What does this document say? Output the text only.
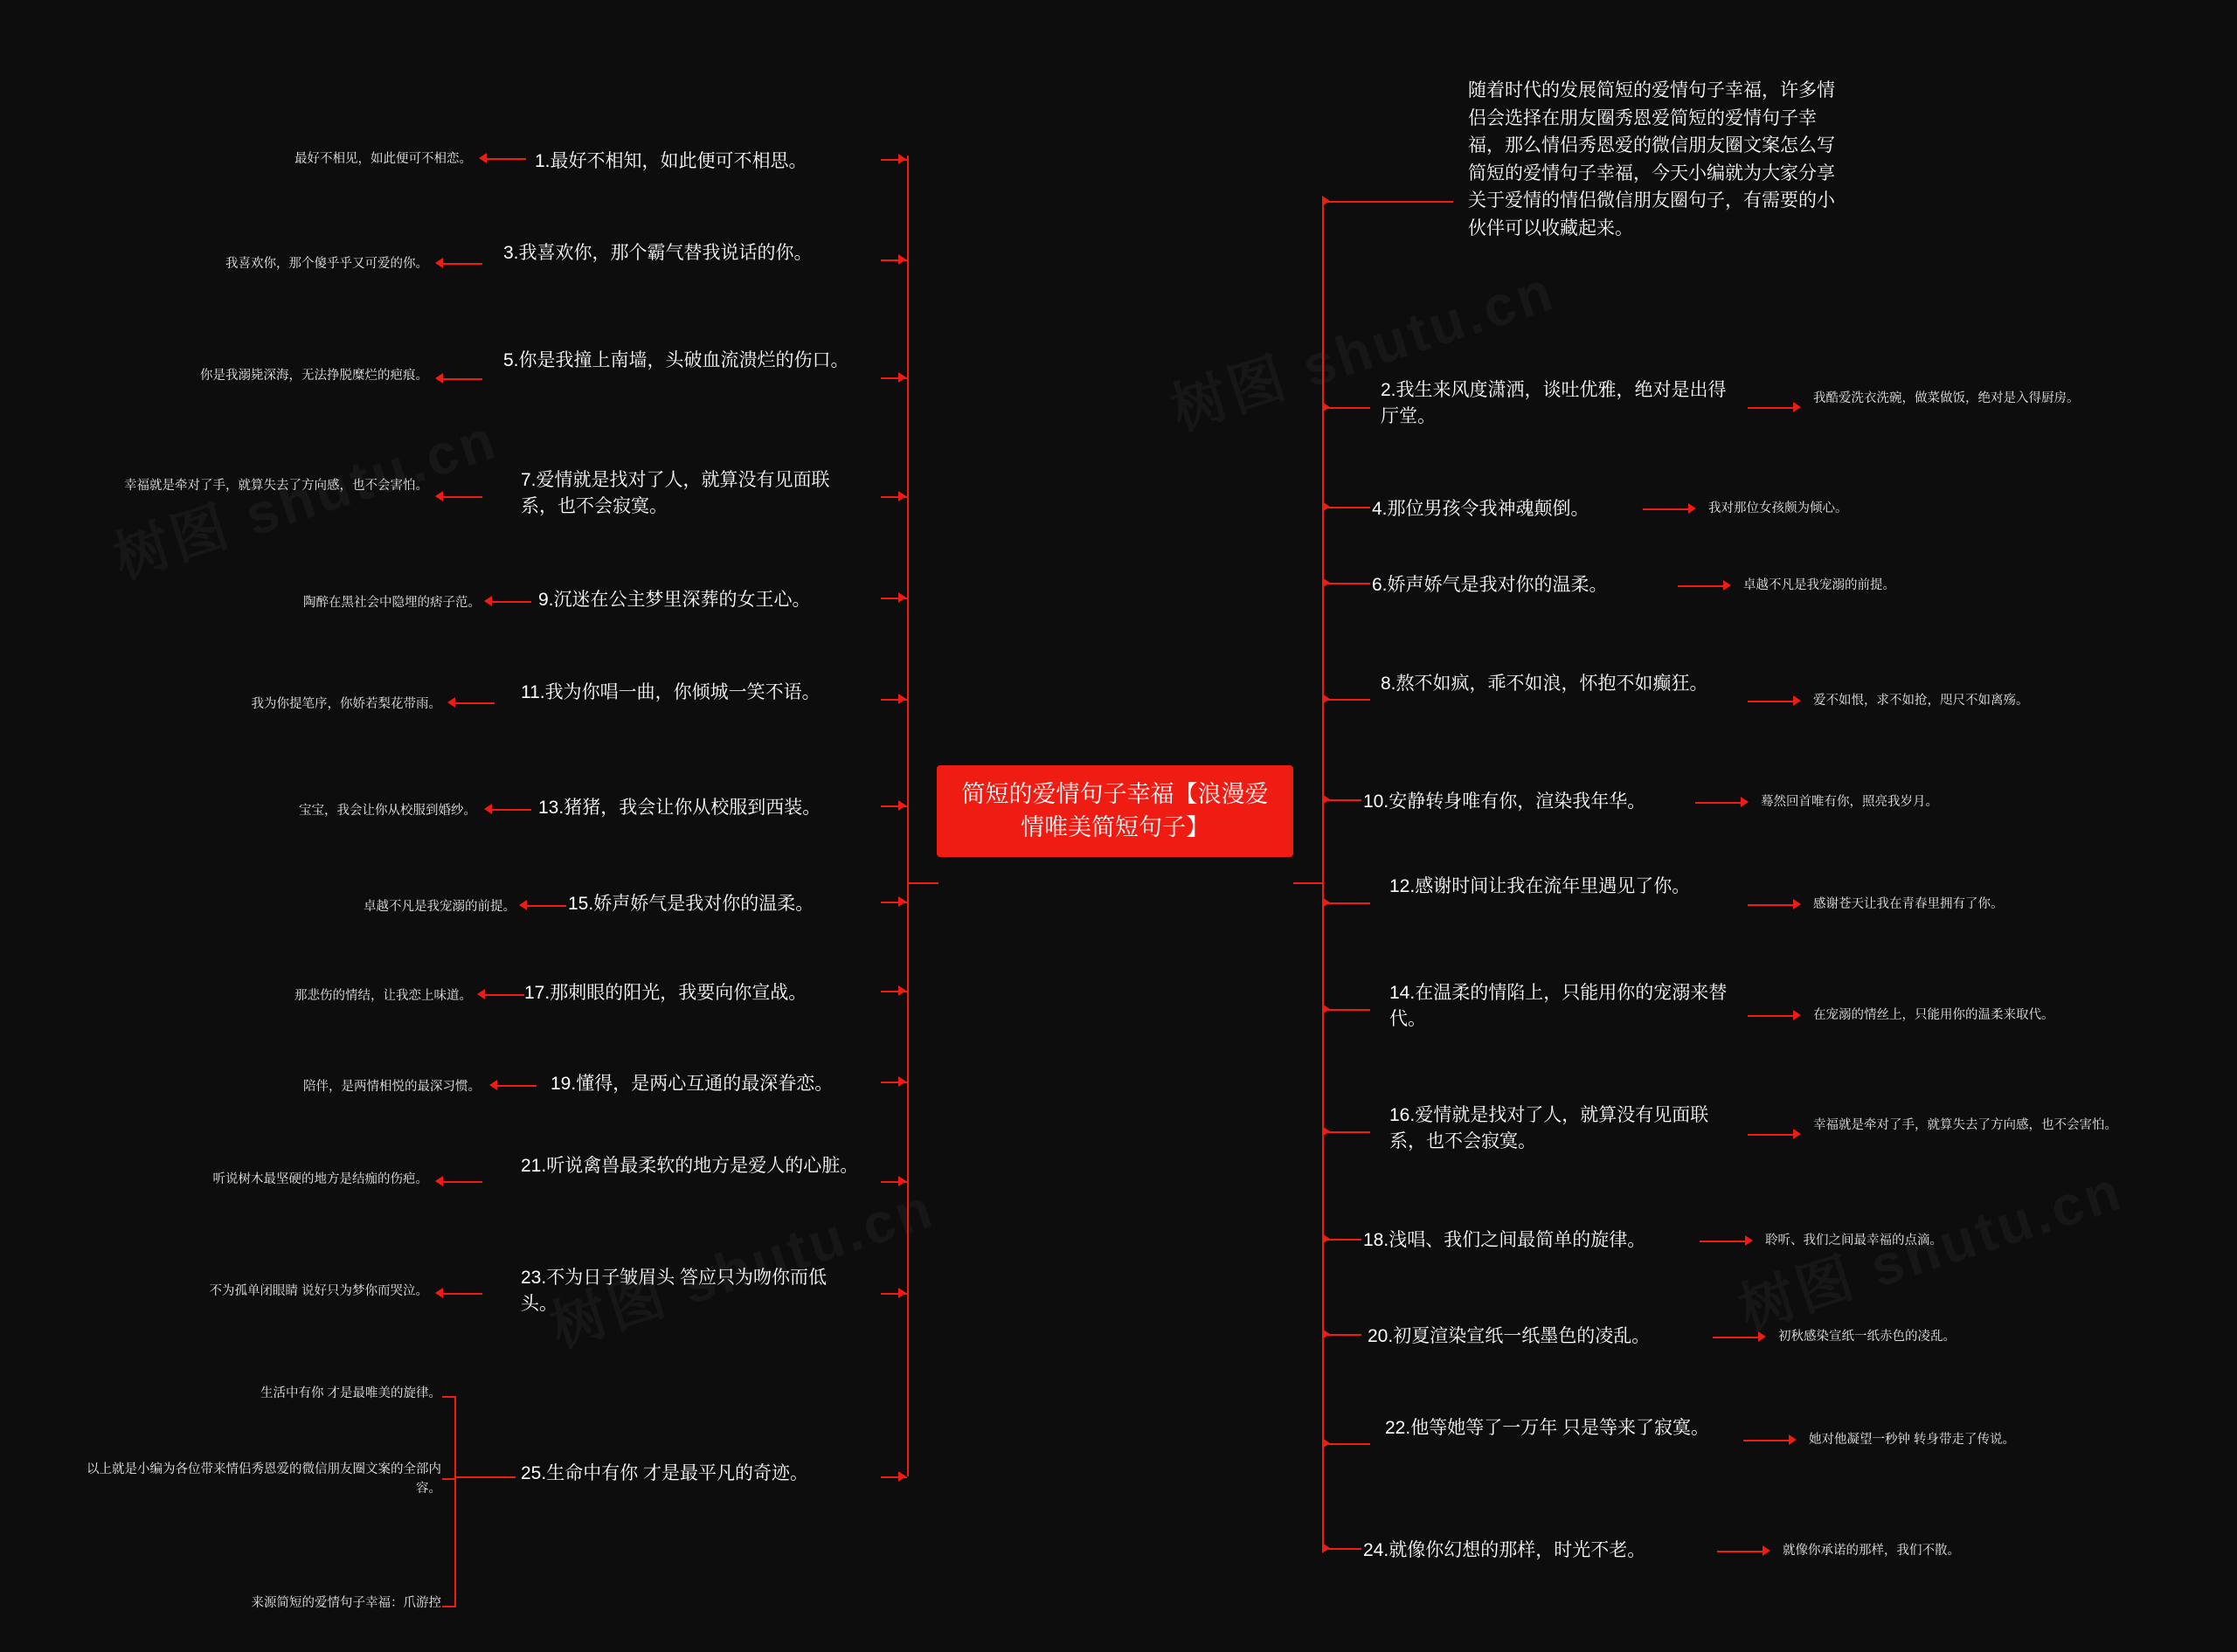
简短的爱情句子幸福【浪漫爱情唯美简短句子】
随着时代的发展简短的爱情句子幸福，许多情侣会选择在朋友圈秀恩爱简短的爱情句子幸福，那么情侣秀恩爱的微信朋友圈文案怎么写简短的爱情句子幸福，今天小编就为大家分享关于爱情的情侣微信朋友圈句子，有需要的小伙伴可以收藏起来。
1.最好不相知，如此便可不相思。
最好不相见，如此便可不相恋。
3.我喜欢你，那个霸气替我说话的你。
我喜欢你，那个傻乎乎又可爱的你。
5.你是我撞上南墙，头破血流溃烂的伤口。
你是我溺毙深海，无法挣脱糜烂的疤痕。
7.爱情就是找对了人，就算没有见面联系，也不会寂寞。
幸福就是牵对了手，就算失去了方向感，也不会害怕。
9.沉迷在公主梦里深葬的女王心。
陶醉在黑社会中隐埋的痞子范。
11.我为你唱一曲，你倾城一笑不语。
我为你提笔序，你娇若梨花带雨。
13.猪猪，我会让你从校服到西装。
宝宝，我会让你从校服到婚纱。
15.娇声娇气是我对你的温柔。
卓越不凡是我宠溺的前提。
17.那刺眼的阳光，我要向你宣战。
那悲伤的情结，让我恋上味道。
19.懂得，是两心互通的最深眷恋。
陪伴，是两情相悦的最深习惯。
21.听说禽兽最柔软的地方是爱人的心脏。
听说树木最坚硬的地方是结痂的伤疤。
23.不为日子皱眉头 答应只为吻你而低头。
不为孤单闭眼睛 说好只为梦你而哭泣。
25.生命中有你 才是最平凡的奇迹。
生活中有你 才是最唯美的旋律。
以上就是小编为各位带来情侣秀恩爱的微信朋友圈文案的全部内容。
来源简短的爱情句子幸福：爪游控
2.我生来风度潇洒，谈吐优雅，绝对是出得厅堂。
我酷爱洗衣洗碗，做菜做饭，绝对是入得厨房。
4.那位男孩令我神魂颠倒。	我对那位女孩颇为倾心。
6.娇声娇气是我对你的温柔。	卓越不凡是我宠溺的前提。
8.熬不如疯，乖不如浪，怀抱不如癫狂。
爱不如恨，求不如抢，咫尺不如离殇。
10.安静转身唯有你，渲染我年华。	蓦然回首唯有你，照亮我岁月。
12.感谢时间让我在流年里遇见了你。
感谢苍天让我在青春里拥有了你。
14.在温柔的情陷上，只能用你的宠溺来替代。	在宠溺的情丝上，只能用你的温柔来取代。
16.爱情就是找对了人，就算没有见面联系，也不会寂寞。
幸福就是牵对了手，就算失去了方向感，也不会害怕。
18.浅唱、我们之间最简单的旋律。	聆听、我们之间最幸福的点滴。
20.初夏渲染宣纸一纸墨色的凌乱。	初秋感染宣纸一纸赤色的凌乱。
22.他等她等了一万年 只是等来了寂寞。
她对他凝望一秒钟 转身带走了传说。
24.就像你幻想的那样，时光不老。	就像你承诺的那样，我们不散。
